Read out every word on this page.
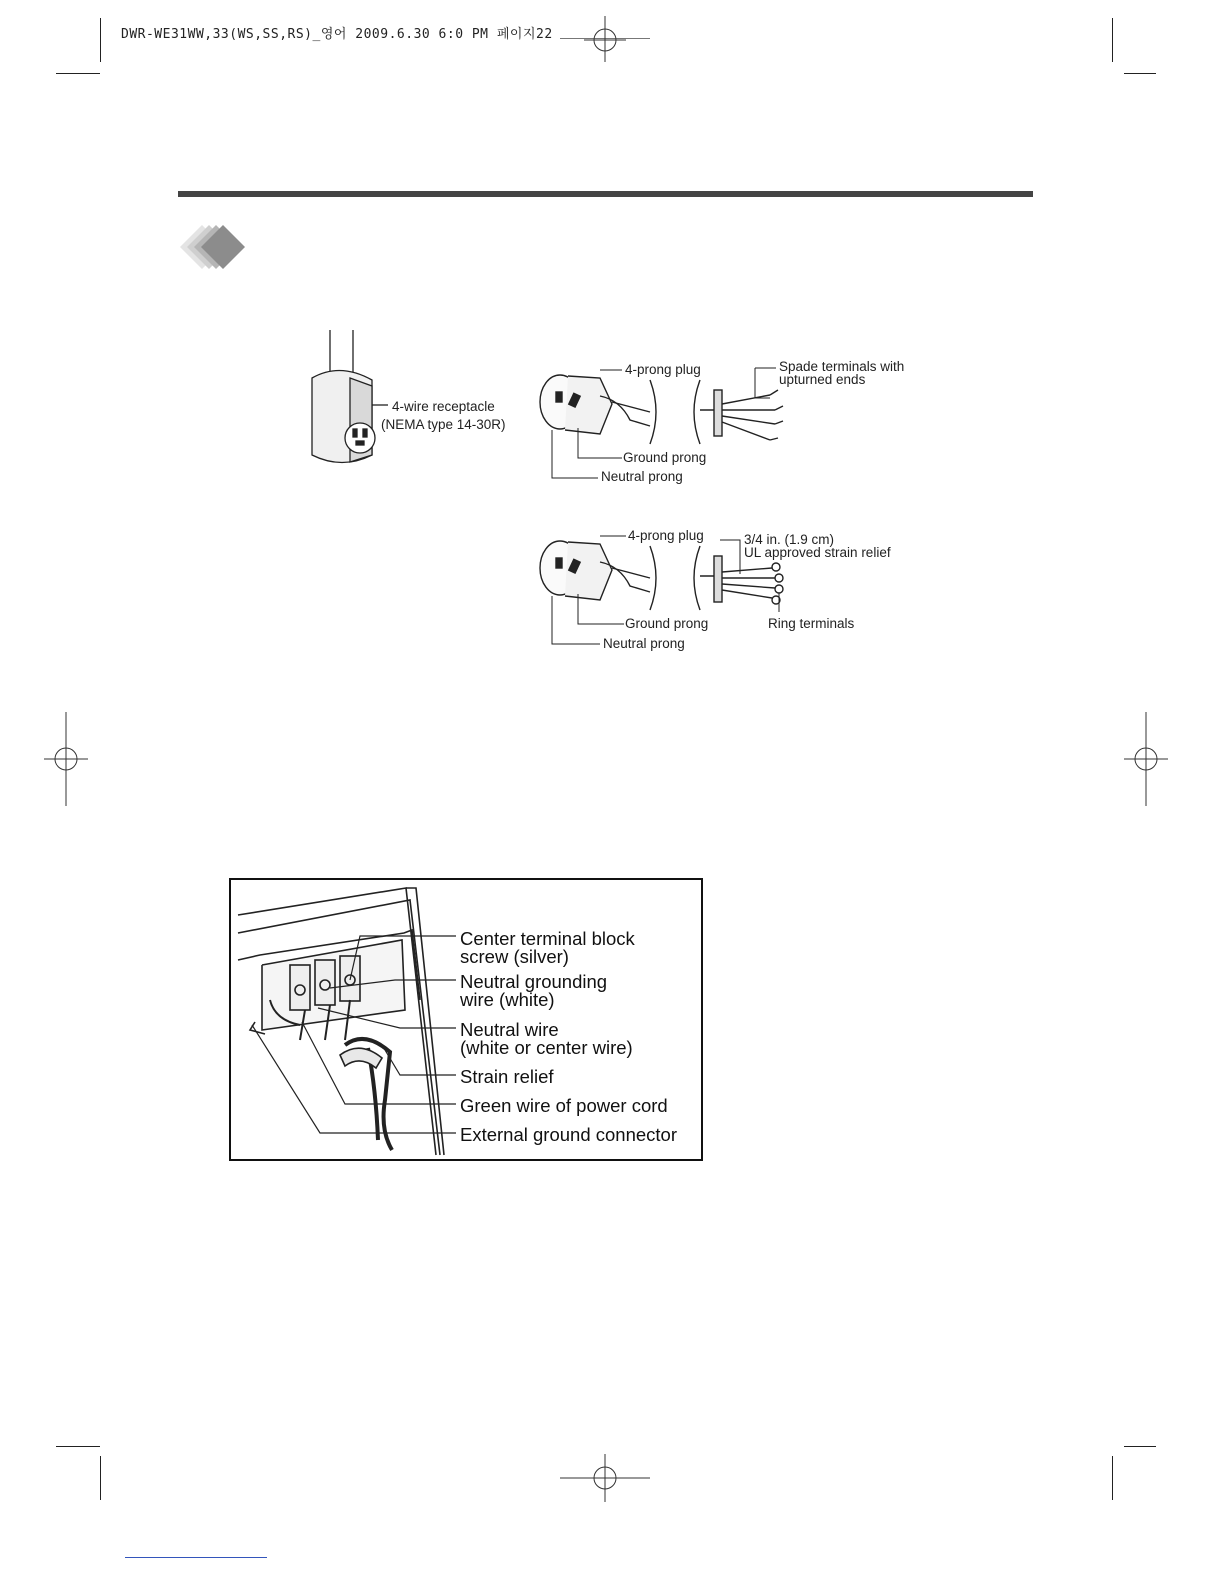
DWR-WE31WW,33(WS,SS,RS)_영어 2009.6.30 6:0 PM 페이지22
4-wire receptacle
(NEMA type 14-30R)
4-prong plug	Spade terminals with
upturned ends
Ground prong
Neutral prong
4-prong plug	3/4 in. (1.9 cm)
UL approved strain relief
Ring terminals
Ground prong
Neutral prong
Center terminal block
screw (silver)
Neutral grounding
wire (white)
Neutral wire
(white or center wire)
Strain relief
Green wire of power cord
External ground connector
